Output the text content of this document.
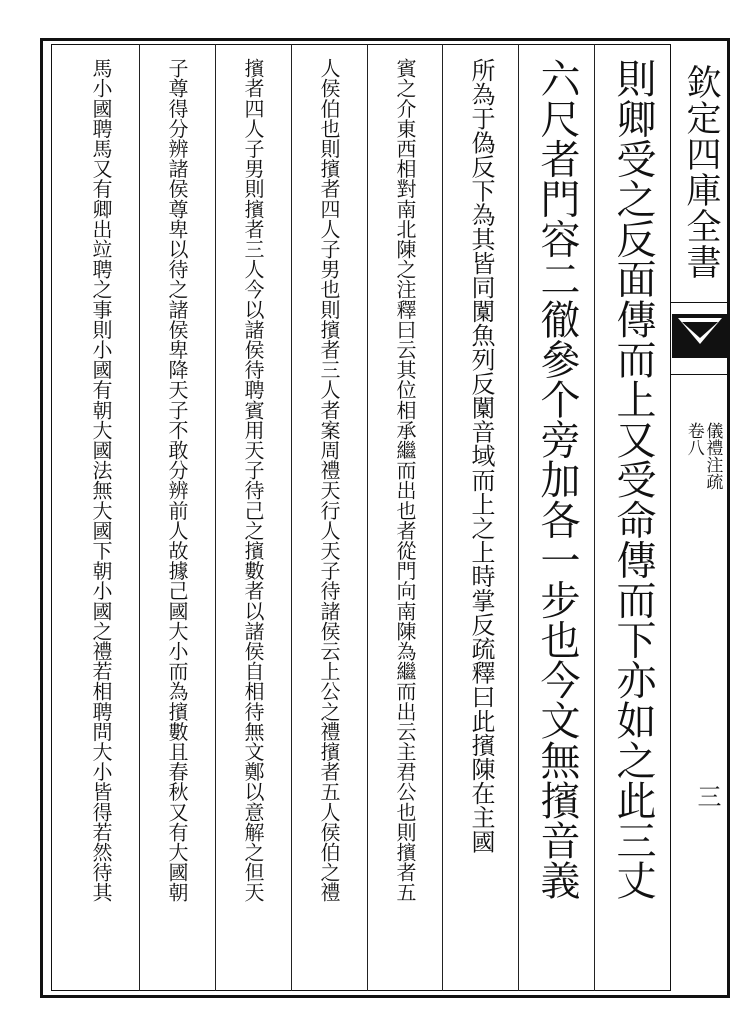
則卿受之反面傳而上又受命傳而下亦如之此三丈
六尺者門容二徹參个旁加各一步也今文無擯音義
所為于偽反下為其皆同闑魚列反闑音域而上之上時掌反疏釋曰此擯陳在主國
賓之介東西相對南北陳之注釋曰云其位相承繼而出也者從門向南陳為繼而出云主君公也則擯者五
人侯伯也則擯者四人子男也則擯者三人者案周禮天行人天子待諸侯云上公之禮擯者五人侯伯之禮
擯者四人子男則擯者三人今以諸侯待聘賓用天子待己之擯數者以諸侯自相待無文鄭以意解之但天
子尊得分辨諸侯尊卑以待之諸侯卑降天子不敢分辨前人故據己國大小而為擯數且春秋又有大國朝
馬小國聘馬又有卿出竝聘之事則小國有朝大國法無大國下朝小國之禮若相聘問大小皆得若然待其	欽定四庫全書
儀禮注疏
卷八
三
